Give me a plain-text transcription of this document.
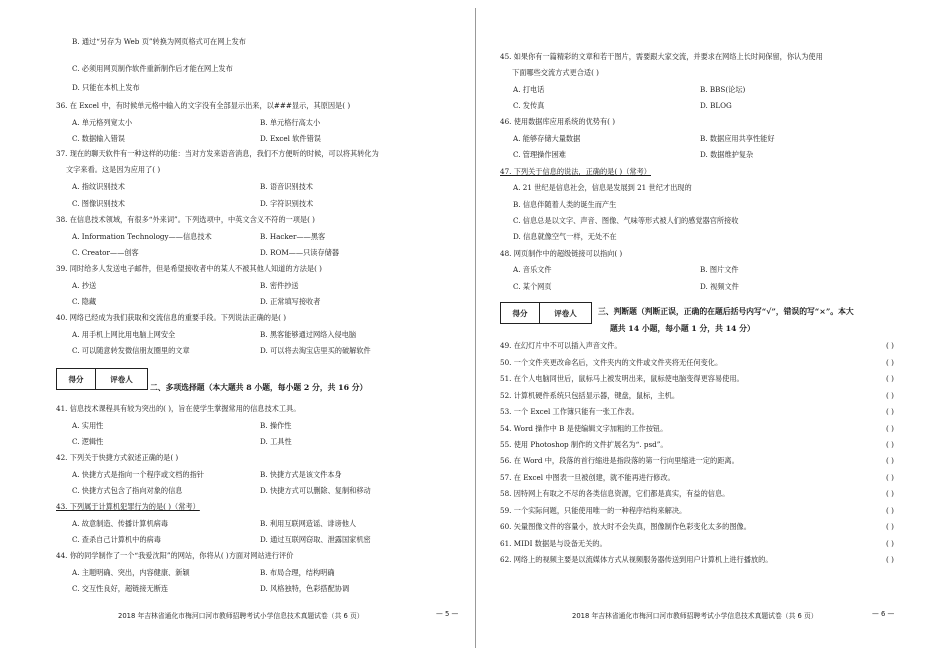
得分	评卷人
二、多项选择题（本大题共 8 小题，每小题 2 分，共 16 分）
得分	评卷人	三、判断题（判断正误，正确的在题后括号内写“√”，错误的写“×”。本大
题共 14 小题，每小题 1 分，共 14 分）
2018 年吉林省通化市梅河口河市教师招聘考试小学信息技术真题试卷（共 6 页）	— 5 —	2018 年吉林省通化市梅河口河市教师招聘考试小学信息技术真题试卷（共 6 页）	— 6 —
B. 通过“另存为 Web 页”转换为网页格式可在网上发布
C. 必须用网页制作软件重新制作后才能在网上发布
D. 只能在本机上发布
36. 在 Excel 中，有时候单元格中输入的文字没有全部显示出来，以###显示，其原因是( )
A. 单元格列宽太小	B. 单元格行高太小
C. 数据输入错误	D. Excel 软件错误
37. 现在的聊天软件有一种这样的功能：当对方发来语音消息，我们不方便听的时候，可以将其转化为
文字来看。这是因为应用了( )
A. 指纹识别技术	B. 语音识别技术
C. 图像识别技术	D. 字符识别技术
38. 在信息技术领域，有很多“外来词”。下列选项中，中英文含义不符的一项是( )
A. Information Technology——信息技术	B. Hacker——黑客
C. Creator——创客	D. ROM——只读存储器
39. 同时给多人发送电子邮件，但是希望接收者中的某人不被其他人知道的方法是( )
A. 抄送	B. 密件抄送
C. 隐藏	D. 正常填写接收者
40. 网络已经成为我们获取和交流信息的重要手段。下列说法正确的是( )
A. 用手机上网比用电脑上网安全	B. 黑客能够通过网络入侵电脑
C. 可以随意转发微信朋友圈里的文章	D. 可以将去淘宝店里买的破解软件
41. 信息技术课程具有较为突出的( )，旨在使学生掌握常用的信息技术工具。
A. 实用性	B. 操作性
C. 逻辑性	D. 工具性
42. 下列关于快捷方式叙述正确的是( )
A. 快捷方式是指向一个程序或文档的指针	B. 快捷方式是该文件本身
C. 快捷方式包含了指向对象的信息	D. 快捷方式可以删除、复制和移动
43. 下列属于计算机犯罪行为的是( )（常考）
A. 故意制造、传播计算机病毒	B. 利用互联网造谣、诽谤他人
C. 查杀自己计算机中的病毒	D. 通过互联网窃取、泄露国家机密
44. 你的同学制作了一个“我爱沈阳”的网站，你将从( )方面对网站进行评价
A. 主题明确、突出，内容健康、新颖	B. 布局合理，结构明确
C. 交互性良好，超链接无断连	D. 风格独特，色彩搭配协调
45. 如果你有一篇精彩的文章和若干图片，需要跟大家交流，并要求在网络上长时间保留，你认为使用
下面哪些交流方式更合适( )
A. 打电话	B. BBS(论坛)
C. 发传真	D. BLOG
46. 使用数据库应用系统的优势有( )
A. 能够存储大量数据	B. 数据应用共享性能好
C. 管理操作困难	D. 数据维护复杂
47. 下列关于信息的说法，正确的是( )（常考）
A. 21 世纪是信息社会，信息是发展到 21 世纪才出现的
B. 信息伴随着人类的诞生而产生
C. 信息总是以文字、声音、图像、气味等形式被人们的感觉器官所接收
D. 信息就像空气一样，无处不在
48. 网页制作中的超级链接可以指向( )
A. 音乐文件	B. 图片文件
C. 某个网页	D. 视频文件
49. 在幻灯片中不可以插入声音文件。	( )
50. 一个文件夹更改命名后，文件夹内的文件或文件夹将无任何变化。	( )
51. 在个人电脑同世后，鼠标马上被发明出来，鼠标使电脑变得更容易使用。	( )
52. 计算机硬件系统只包括显示器，键盘，鼠标，主机。	( )
53. 一个 Excel 工作簿只能有一张工作表。	( )
54. Word 操作中 B 是使编辑文字加粗的工作按钮。	( )
55. 使用 Photoshop 制作的文件扩展名为“. psd”。	( )
56. 在 Word 中，段落的首行缩进是指段落的第一行向里缩进一定的距离。	( )
57. 在 Excel 中图表一旦被创建，就不能再进行修改。	( )
58. 因特网上有取之不尽的各类信息资源，它们都是真实，有益的信息。	( )
59. 一个实际问题，只能使用唯一的一种程序结构来解决。	( )
60. 矢量图像文件的容量小，放大时不会失真，图像制作色彩变化太多的图像。	( )
61. MIDI 数据是与设备无关的。	( )
62. 网络上的视频主要是以流媒体方式从视频服务器传送到用户计算机上进行播放的。	( )
